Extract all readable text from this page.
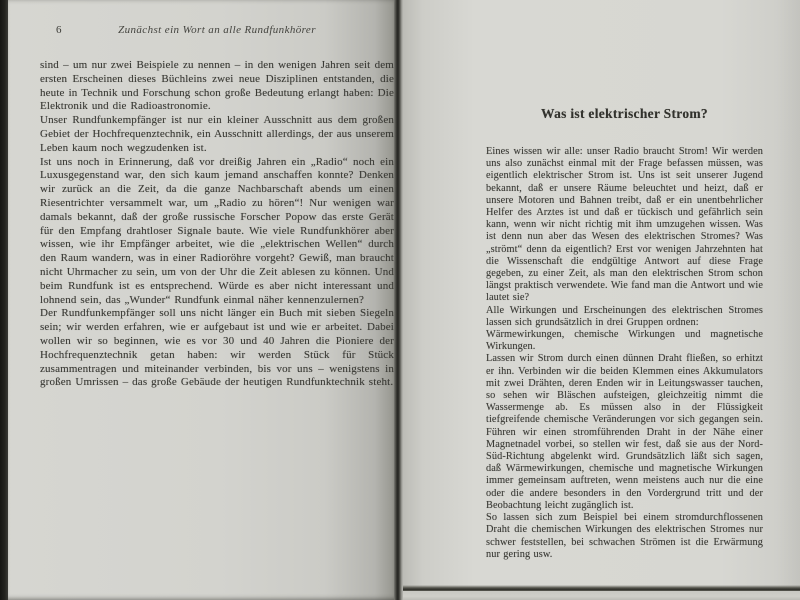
6	Zunächst ein Wort an alle Rundfunkhörer

sind – um nur zwei Beispiele zu nennen – in den wenigen Jahren seit dem ersten Erscheinen dieses Büchleins zwei neue Disziplinen entstanden, die heute in Technik und Forschung schon große Bedeutung erlangt haben: Die Elektronik und die Radioastronomie.

Unser Rundfunkempfänger ist nur ein kleiner Ausschnitt aus dem großen Gebiet der Hochfrequenztechnik, ein Ausschnitt allerdings, der aus unserem Leben kaum noch wegzudenken ist.

Ist uns noch in Erinnerung, daß vor dreißig Jahren ein „Radio“ noch ein Luxusgegenstand war, den sich kaum jemand anschaffen konnte? Denken wir zurück an die Zeit, da die ganze Nachbarschaft abends um einen Riesentrichter versammelt war, um „Radio zu hören“! Nur wenigen war damals bekannt, daß der große russische Forscher Popow das erste Gerät für den Empfang drahtloser Signale baute. Wie viele Rundfunkhörer aber wissen, wie ihr Empfänger arbeitet, wie die „elektrischen Wellen“ durch den Raum wandern, was in einer Radioröhre vorgeht? Gewiß, man braucht nicht Uhrmacher zu sein, um von der Uhr die Zeit ablesen zu können. Und beim Rundfunk ist es entsprechend. Würde es aber nicht interessant und lohnend sein, das „Wunder“ Rundfunk einmal näher kennenzulernen?

Der Rundfunkempfänger soll uns nicht länger ein Buch mit sieben Siegeln sein; wir werden erfahren, wie er aufgebaut ist und wie er arbeitet. Dabei wollen wir so beginnen, wie es vor 30 und 40 Jahren die Pioniere der Hochfrequenztechnik getan haben: wir werden Stück für Stück zusammentragen und miteinander verbinden, bis vor uns – wenigstens in großen Umrissen – das große Gebäude der heutigen Rundfunktechnik steht.

Was ist elektrischer Strom?

Eines wissen wir alle: unser Radio braucht Strom! Wir werden uns also zunächst einmal mit der Frage befassen müssen, was eigentlich elektrischer Strom ist. Uns ist seit unserer Jugend bekannt, daß er unsere Räume beleuchtet und heizt, daß er unsere Motoren und Bahnen treibt, daß er ein unentbehrlicher Helfer des Arztes ist und daß er tückisch und gefährlich sein kann, wenn wir nicht richtig mit ihm umzugehen wissen. Was ist denn nun aber das Wesen des elektrischen Stromes? Was „strömt“ denn da eigentlich? Erst vor wenigen Jahrzehnten hat die Wissenschaft die endgültige Antwort auf diese Frage gegeben, zu einer Zeit, als man den elektrischen Strom schon längst praktisch verwendete. Wie fand man die Antwort und wie lautet sie?

Alle Wirkungen und Erscheinungen des elektrischen Stromes lassen sich grundsätzlich in drei Gruppen ordnen:

Wärmewirkungen, chemische Wirkungen und magnetische Wirkungen.

Lassen wir Strom durch einen dünnen Draht fließen, so erhitzt er ihn. Verbinden wir die beiden Klemmen eines Akkumulators mit zwei Drähten, deren Enden wir in Leitungswasser tauchen, so sehen wir Bläschen aufsteigen, gleichzeitig nimmt die Wassermenge ab. Es müssen also in der Flüssigkeit tiefgreifende chemische Veränderungen vor sich gegangen sein. Führen wir einen stromführenden Draht in der Nähe einer Magnetnadel vorbei, so stellen wir fest, daß sie aus der Nord-Süd-Richtung abgelenkt wird. Grundsätzlich läßt sich sagen, daß Wärmewirkungen, chemische und magnetische Wirkungen immer gemeinsam auftreten, wenn meistens auch nur die eine oder die andere besonders in den Vordergrund tritt und der Beobachtung leicht zugänglich ist.

So lassen sich zum Beispiel bei einem stromdurchflossenen Draht die chemischen Wirkungen des elektrischen Stromes nur schwer feststellen, bei schwachen Strömen ist die Erwärmung nur gering usw.
